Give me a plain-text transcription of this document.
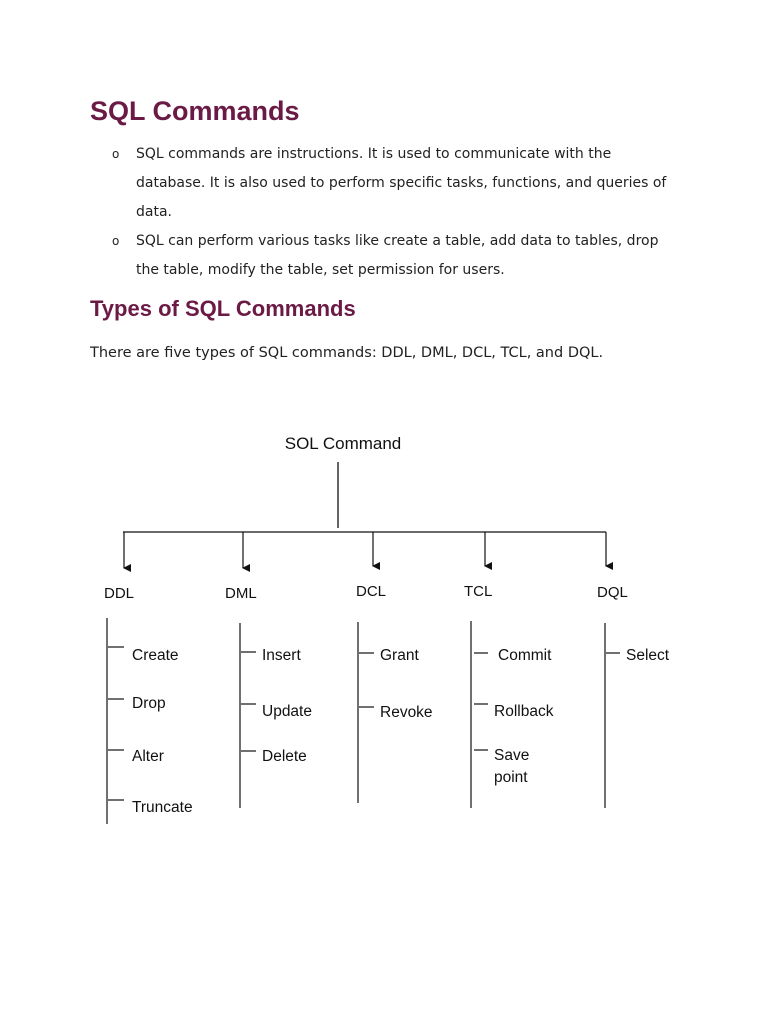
SQL Commands
o SQL commands are instructions. It is used to communicate with the database. It is also used to perform specific tasks, functions, and queries of data.
o SQL can perform various tasks like create a table, add data to tables, drop the table, modify the table, set permission for users.
Types of SQL Commands

There are five types of SQL commands: DDL, DML, DCL, TCL, and DQL.

SOL Command
DDL
Create
Drop
Alter
Truncate
DML
Insert
Update
Delete
DCL
Grant
Revoke
TCL
Commit
Rollback
Save
point
DQL
Select
